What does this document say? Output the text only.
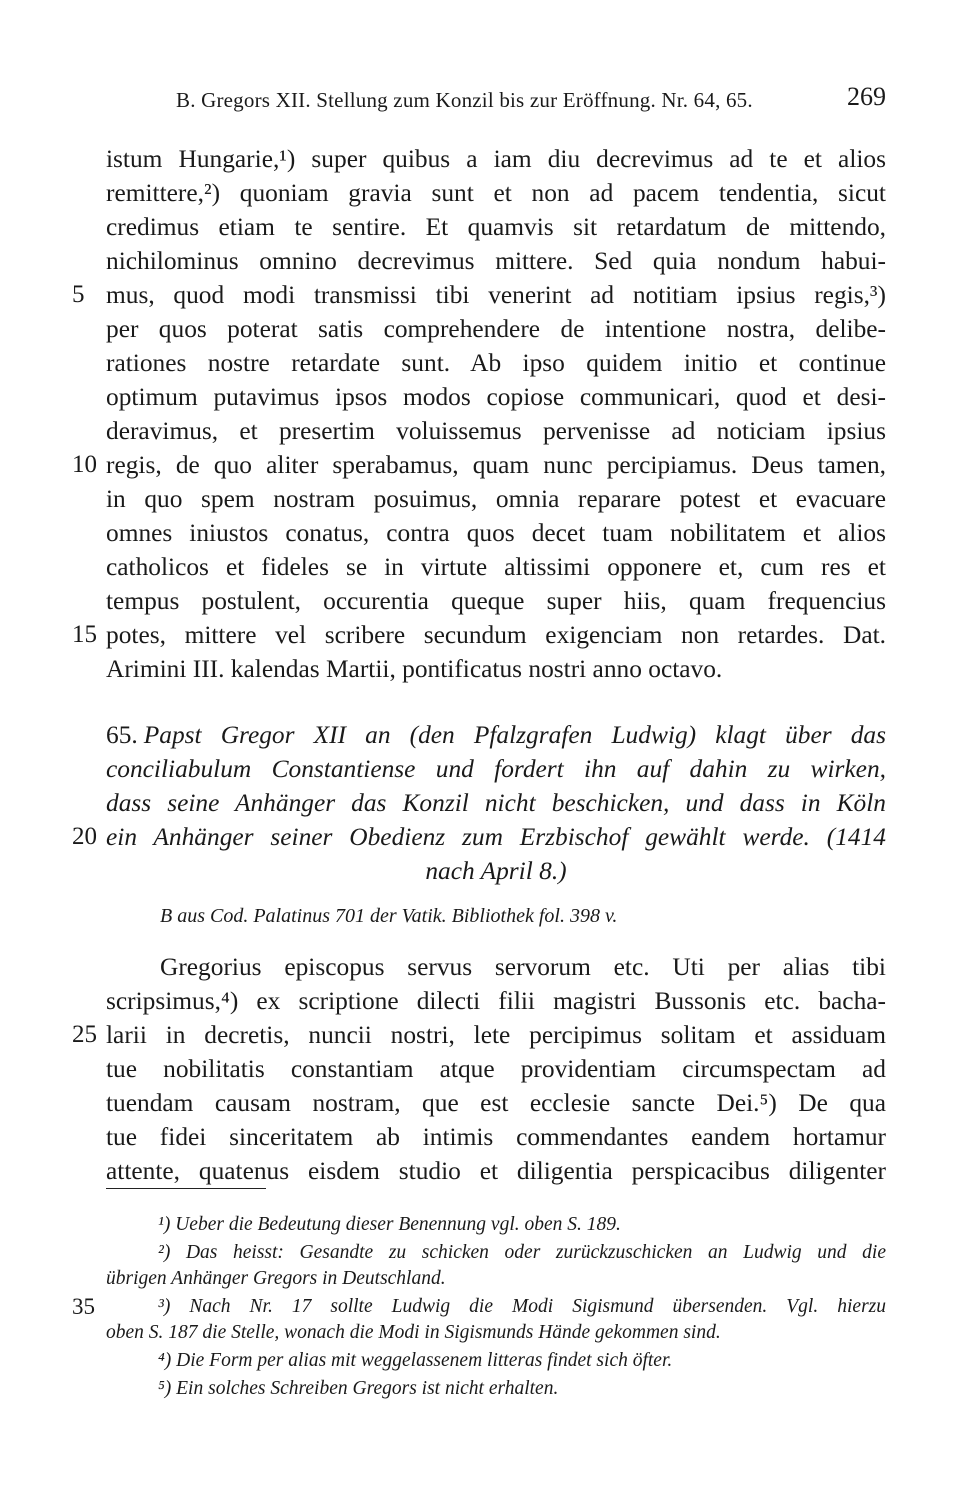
B. Gregors XII. Stellung zum Konzil bis zur Eröffnung. Nr. 64, 65.	269
istum Hungarie,¹) super quibus a iam diu decrevimus ad te et alios
remittere,²) quoniam gravia sunt et non ad pacem tendentia, sicut
credimus etiam te sentire. Et quamvis sit retardatum de mittendo,
nichilominus omnino decrevimus mittere. Sed quia nondum habui-
5 mus, quod modi transmissi tibi venerint ad notitiam ipsius regis,³)
per quos poterat satis comprehendere de intentione nostra, delibe-
rationes nostre retardate sunt. Ab ipso quidem initio et continue
optimum putavimus ipsos modos copiose communicari, quod et desi-
deravimus, et presertim voluissemus pervenisse ad noticiam ipsius
10 regis, de quo aliter sperabamus, quam nunc percipiamus. Deus tamen,
in quo spem nostram posuimus, omnia reparare potest et evacuare
omnes iniustos conatus, contra quos decet tuam nobilitatem et alios
catholicos et fideles se in virtute altissimi opponere et, cum res et
tempus postulent, occurentia queque super hiis, quam frequencius
15 potes, mittere vel scribere secundum exigenciam non retardes. Dat.
Arimini III. kalendas Martii, pontificatus nostri anno octavo.
65. Papst Gregor XII an (den Pfalzgrafen Ludwig) klagt über das
conciliabulum Constantiense und fordert ihn auf dahin zu wirken,
dass seine Anhänger das Konzil nicht beschicken, und dass in Köln
20 ein Anhänger seiner Obedienz zum Erzbischof gewählt werde. (1414
nach April 8.)
B aus Cod. Palatinus 701 der Vatik. Bibliothek fol. 398 v.
Gregorius episcopus servus servorum etc. Uti per alias tibi
scripsimus,⁴) ex scriptione dilecti filii magistri Bussonis etc. bacha-
25 larii in decretis, nuncii nostri, lete percipimus solitam et assiduam
tue nobilitatis constantiam atque providentiam circumspectam ad
tuendam causam nostram, que est ecclesie sancte Dei.⁵) De qua
tue fidei sinceritatem ab intimis commendantes eandem hortamur
attente, quatenus eisdem studio et diligentia perspicacibus diligenter
¹) Ueber die Bedeutung dieser Benennung vgl. oben S. 189.
²) Das heisst: Gesandte zu schicken oder zurückzuschicken an Ludwig und die
übrigen Anhänger Gregors in Deutschland.
35	³) Nach Nr. 17 sollte Ludwig die Modi Sigismund übersenden. Vgl. hierzu
oben S. 187 die Stelle, wonach die Modi in Sigismunds Hände gekommen sind.
⁴) Die Form per alias mit weggelassenem litteras findet sich öfter.
⁵) Ein solches Schreiben Gregors ist nicht erhalten.
